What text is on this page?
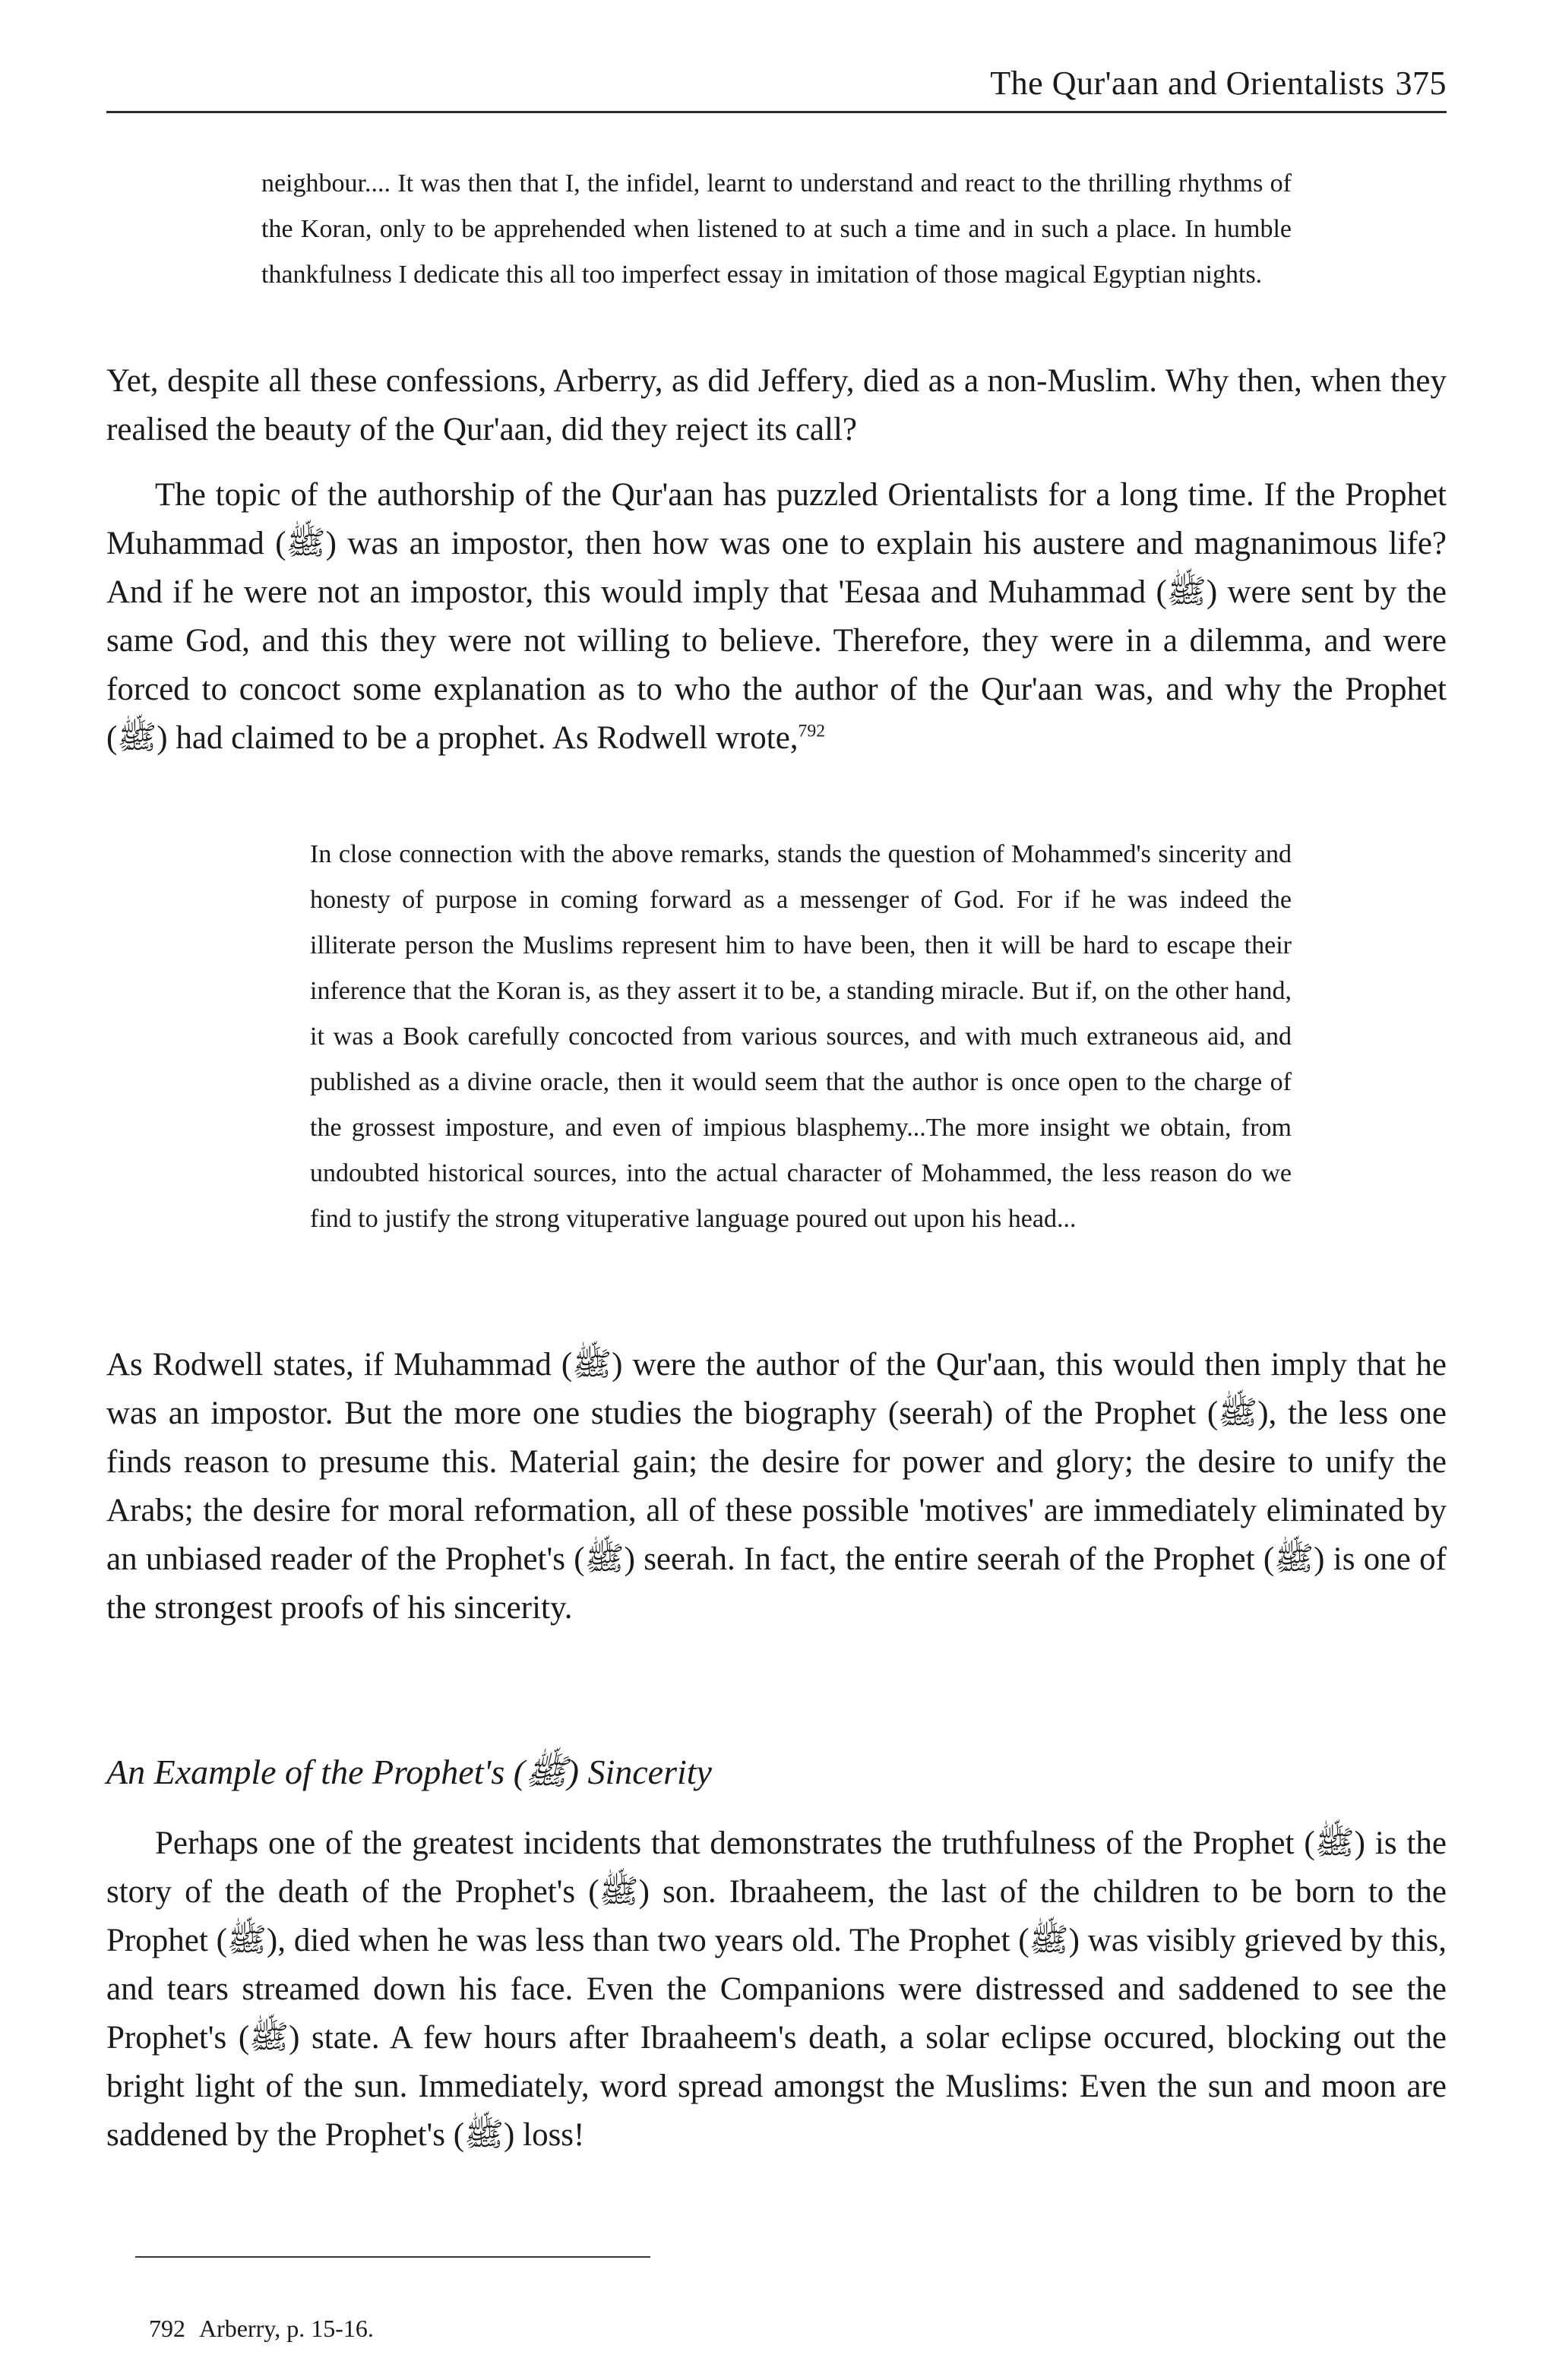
The Qur'aan and Orientalists 375

neighbour.... It was then that I, the infidel, learnt to understand and react to the thrilling rhythms of the Koran, only to be apprehended when listened to at such a time and in such a place. In humble thankfulness I dedicate this all too imperfect essay in imitation of those magical Egyptian nights.

Yet, despite all these confessions, Arberry, as did Jeffery, died as a non-Muslim. Why then, when they realised the beauty of the Qur'aan, did they reject its call?

The topic of the authorship of the Qur'aan has puzzled Orientalists for a long time. If the Prophet Muhammad (ﷺ) was an impostor, then how was one to explain his austere and magnanimous life? And if he were not an impostor, this would imply that 'Eesaa and Muhammad (ﷺ) were sent by the same God, and this they were not willing to believe. Therefore, they were in a dilemma, and were forced to concoct some explanation as to who the author of the Qur'aan was, and why the Prophet (ﷺ) had claimed to be a prophet. As Rodwell wrote,$^{792}$

In close connection with the above remarks, stands the question of Mohammed's sincerity and honesty of purpose in coming forward as a messenger of God. For if he was indeed the illiterate person the Muslims represent him to have been, then it will be hard to escape their inference that the Koran is, as they assert it to be, a standing miracle. But if, on the other hand, it was a Book carefully concocted from various sources, and with much extraneous aid, and published as a divine oracle, then it would seem that the author is once open to the charge of the grossest imposture, and even of impious blasphemy...The more insight we obtain, from undoubted historical sources, into the actual character of Mohammed, the less reason do we find to justify the strong vituperative language poured out upon his head...

As Rodwell states, if Muhammad (ﷺ) were the author of the Qur'aan, this would then imply that he was an impostor. But the more one studies the biography (seerah) of the Prophet (ﷺ), the less one finds reason to presume this. Material gain; the desire for power and glory; the desire to unify the Arabs; the desire for moral reformation, all of these possible 'motives' are immediately eliminated by an unbiased reader of the Prophet's (ﷺ) seerah. In fact, the entire seerah of the Prophet (ﷺ) is one of the strongest proofs of his sincerity.

An Example of the Prophet's (ﷺ) Sincerity

Perhaps one of the greatest incidents that demonstrates the truthfulness of the Prophet (ﷺ) is the story of the death of the Prophet's (ﷺ) son. Ibraaheem, the last of the children to be born to the Prophet (ﷺ), died when he was less than two years old. The Prophet (ﷺ) was visibly grieved by this, and tears streamed down his face. Even the Companions were distressed and saddened to see the Prophet's (ﷺ) state. A few hours after Ibraaheem's death, a solar eclipse occured, blocking out the bright light of the sun. Immediately, word spread amongst the Muslims: Even the sun and moon are saddened by the Prophet's (ﷺ) loss!

792 Arberry, p. 15-16.
